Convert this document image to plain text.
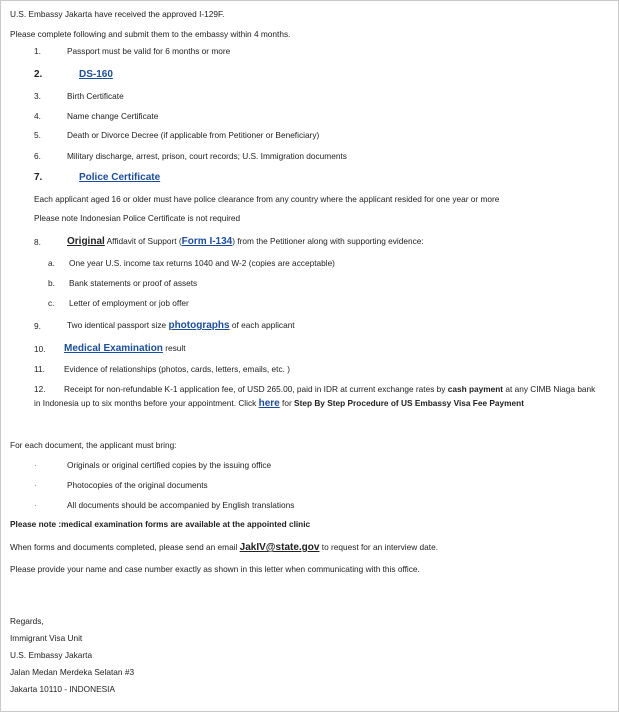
U.S. Embassy Jakarta have received the approved I-129F.
Please complete following and submit them to the embassy within 4 months.
1.	Passport must be valid for 6 months or more
2.	DS-160
3.	Birth Certificate
4.	Name change Certificate
5.	Death or Divorce Decree (if applicable from Petitioner or Beneficiary)
6.	Military discharge, arrest, prison, court records; U.S. Immigration documents
7.	Police Certificate
Each applicant aged 16 or older must have police clearance from any country where the applicant resided for one year or more
Please note Indonesian Police Certificate is not required
8.	Original Affidavit of Support (Form I-134) from the Petitioner along with supporting evidence:
a. One year U.S. income tax returns 1040 and W-2 (copies are acceptable)
b. Bank statements or proof of assets
c. Letter of employment or job offer
9.	Two identical passport size photographs of each applicant
10. Medical Examination result
11. Evidence of relationships (photos, cards, letters, emails, etc. )
12. Receipt for non-refundable K-1 application fee, of USD 265.00, paid in IDR at current exchange rates by cash payment at any CIMB Niaga bank
in Indonesia up to six months before your appointment. Click here for Step By Step Procedure of US Embassy Visa Fee Payment
For each document, the applicant must bring:
·	Originals or original certified copies by the issuing office
·	Photocopies of the original documents
·	All documents should be accompanied by English translations
Please note :medical examination forms are available at the appointed clinic
When forms and documents completed, please send an email JakIV@state.gov to request for an interview date.
Please provide your name and case number exactly as shown in this letter when communicating with this office.
Regards,
Immigrant Visa Unit
U.S. Embassy Jakarta
Jalan Medan Merdeka Selatan #3
Jakarta 10110 - INDONESIA
